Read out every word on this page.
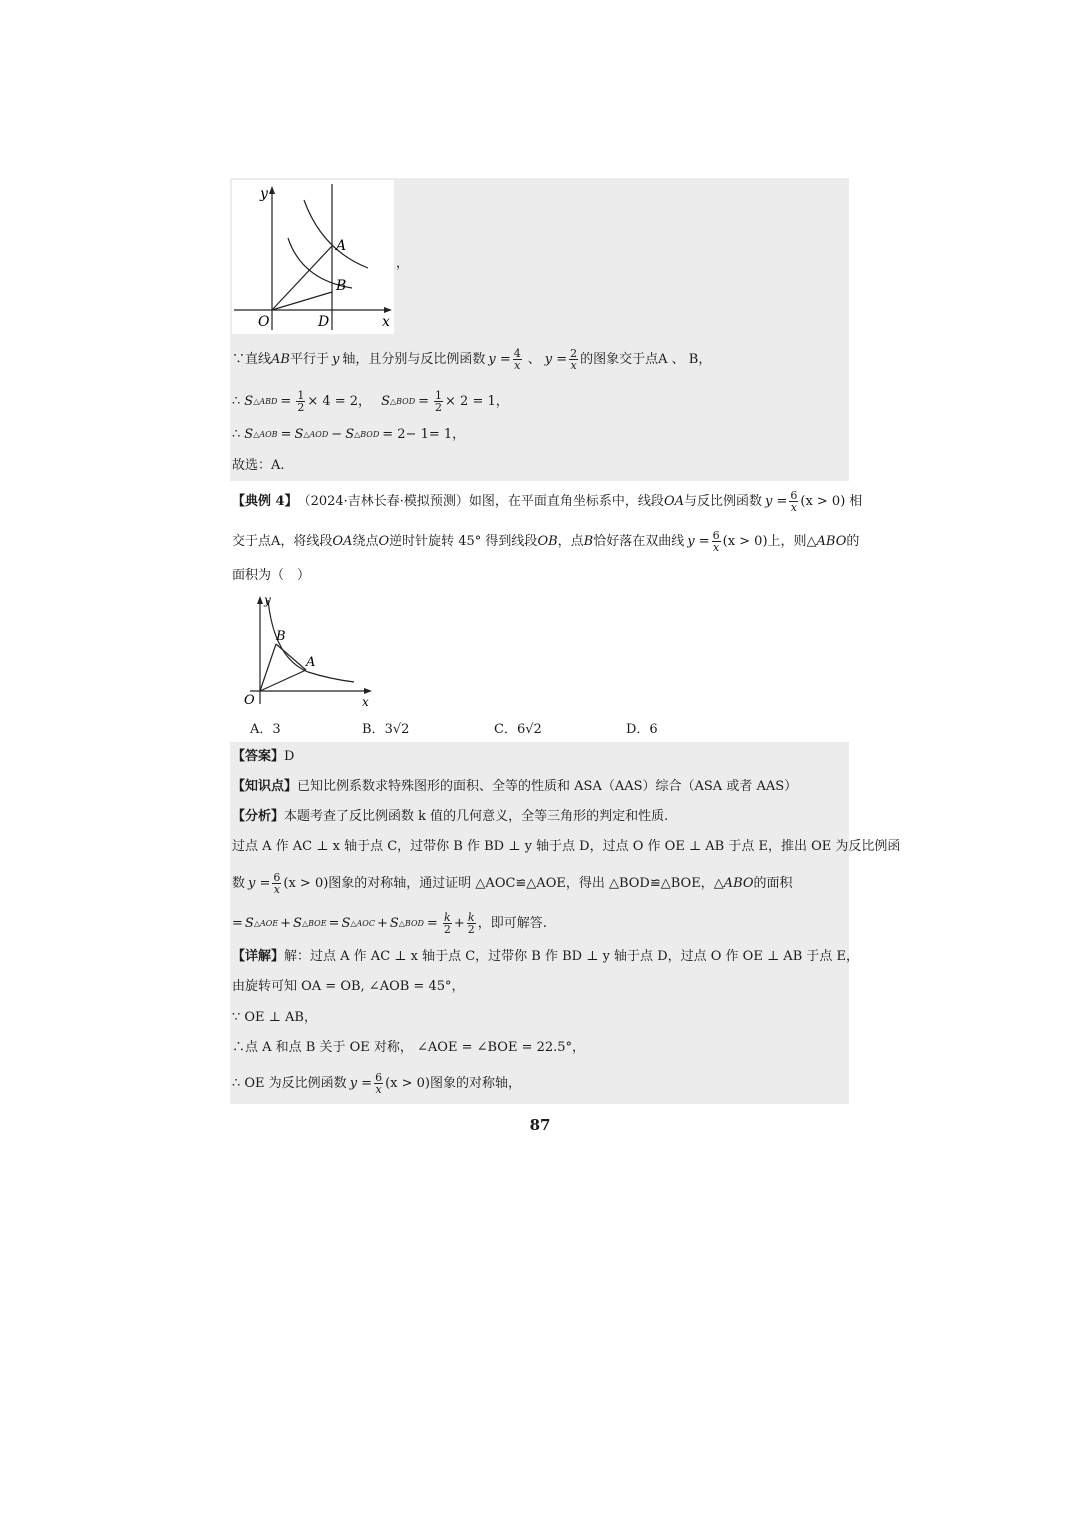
y
x
O	D
A
B
，
∵直线 AB 平行于 y 轴，且分别与反比例函数 $y = \frac{4}{x}$ 、 $y = \frac{2}{x}$ 的图象交于点A 、 B，
∴ S △ABD = $\frac{1}{2} \times 4 = 2$， S △BOD = $\frac{1}{2} \times 2 = 1$，
∴ S △AOB = S △AOD − S △BOD = 2− 1= 1，
故选：A.
【典例 4】 （2024·吉林长春·模拟预测）如图，在平面直角坐标系中，线段 OA 与反比例函数 $y = \frac{6}{x} (x > 0)$ 相
交于点A，将线段 OA 绕点 O 逆时针旋转 45° 得到线段 OB ，点 B 恰好落在双曲线 $y = \frac{6}{x} (x > 0)$ 上，则 △ABO 的
面积为（　）
y
x
O
B
A
A．3	B．3√2	C．6√2	D．6
【答案】 D
【知识点】 已知比例系数求特殊图形的面积、全等的性质和 ASA（AAS）综合（ASA 或者 AAS）
【分析】 本题考查了反比例函数 k 值的几何意义，全等三角形的判定和性质.
过点 A 作 AC ⊥ x 轴于点 C，过带你 B 作 BD ⊥ y 轴于点 D，过点 O 作 OE ⊥ AB 于点 E，推出 OE 为反比例函
数 $y = \frac{6}{x} (x > 0)$ 图象的对称轴，通过证明 △AOC≌△AOE，得出 △BOD≌△BOE， △ABO 的面积
= S △AOE + S △BOE = S △AOC + S △BOD = $\frac{k}{2} + \frac{k}{2}$ ，即可解答.
【详解】 解：过点 A 作 AC ⊥ x 轴于点 C，过带你 B 作 BD ⊥ y 轴于点 D，过点 O 作 OE ⊥ AB 于点 E，
由旋转可知 OA = OB, ∠AOB = 45°，
∵ OE ⊥ AB，
∴点 A 和点 B 关于 OE 对称， ∠AOE = ∠BOE = 22.5°，
∴ OE 为反比例函数 $y = \frac{6}{x} (x > 0)$ 图象的对称轴，
87
